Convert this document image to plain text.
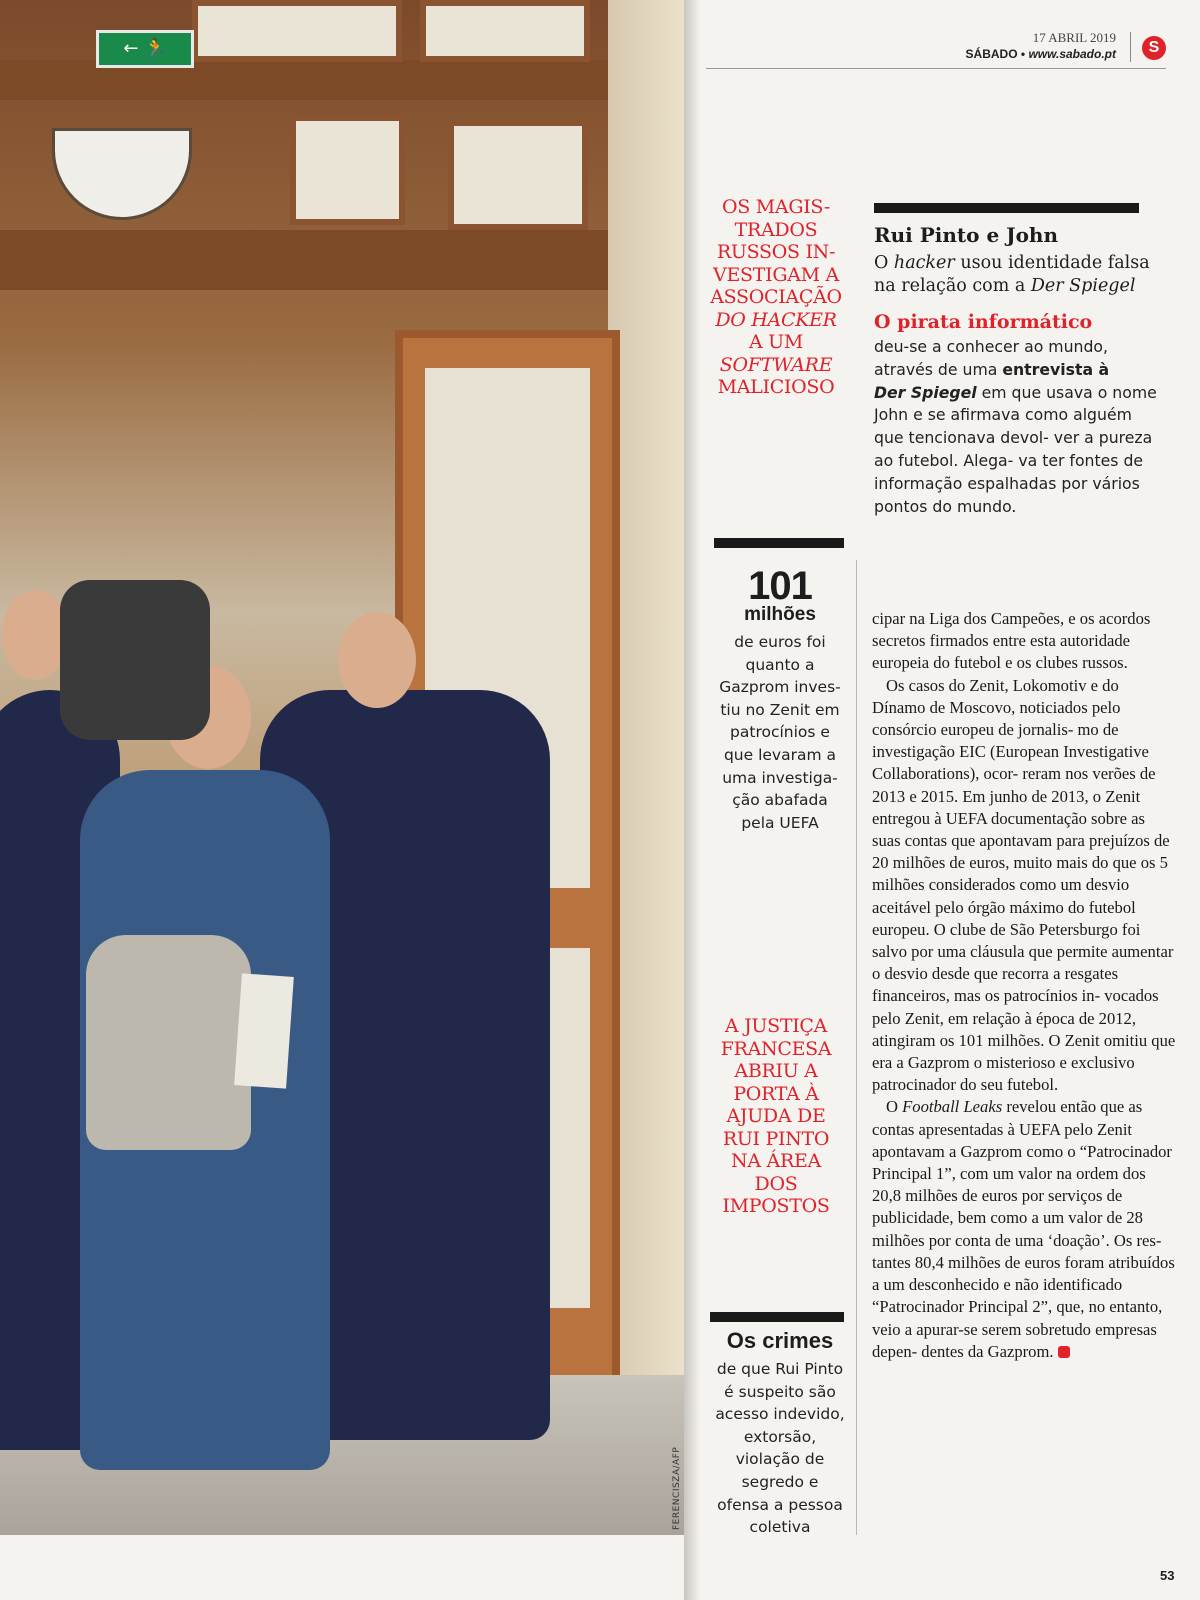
← 🏃
FERENCISZA/AFP
17 ABRIL 2019
SÁBADO • www.sabado.pt	S
OS MAGIS-
TRADOS
RUSSOS IN-
VESTIGAM A
ASSOCIAÇÃO
DO HACKER
A UM
SOFTWARE
MALICIOSO
101
milhões
de euros foi
quanto a
Gazprom inves-
tiu no Zenit em
patrocínios e
que levaram a
uma investiga-
ção abafada
pela UEFA
A JUSTIÇA
FRANCESA
ABRIU A
PORTA À
AJUDA DE
RUI PINTO
NA ÁREA
DOS
IMPOSTOS
Os crimes
de que Rui Pinto
é suspeito são
acesso indevido,
extorsão,
violação de
segredo e
ofensa a pessoa
coletiva
Rui Pinto e John
O hacker usou identidade falsa na relação com a Der Spiegel
O pirata informático
deu-se a conhecer ao mundo, através de uma entrevista à
Der Spiegel em que usava o nome John e se afirmava como alguém que tencionava devol- ver a pureza ao futebol. Alega- va ter fontes de informação espalhadas por vários pontos do mundo.

cipar na Liga dos Campeões, e os acordos secretos firmados entre esta autoridade europeia do futebol e os clubes russos.

Os casos do Zenit, Lokomotiv e do Dínamo de Moscovo, noticiados pelo consórcio europeu de jornalis- mo de investigação EIC (European Investigative Collaborations), ocor- reram nos verões de 2013 e 2015. Em junho de 2013, o Zenit entregou à UEFA documentação sobre as suas contas que apontavam para prejuízos de 20 milhões de euros, muito mais do que os 5 milhões considerados como um desvio aceitável pelo órgão máximo do futebol europeu. O clube de São Petersburgo foi salvo por uma cláusula que permite aumentar o desvio desde que recorra a resgates financeiros, mas os patrocínios in- vocados pelo Zenit, em relação à época de 2012, atingiram os 101 milhões. O Zenit omitiu que era a Gazprom o misterioso e exclusivo patrocinador do seu futebol.

O Football Leaks revelou então que as contas apresentadas à UEFA pelo Zenit apontavam a Gazprom como o “Patrocinador Principal 1”, com um valor na ordem dos 20,8 milhões de euros por serviços de publicidade, bem como a um valor de 28 milhões por conta de uma ‘doação’. Os res- tantes 80,4 milhões de euros foram atribuídos a um desconhecido e não identificado “Patrocinador Principal 2”, que, no entanto, veio a apurar-se serem sobretudo empresas depen- dentes da Gazprom.

53
